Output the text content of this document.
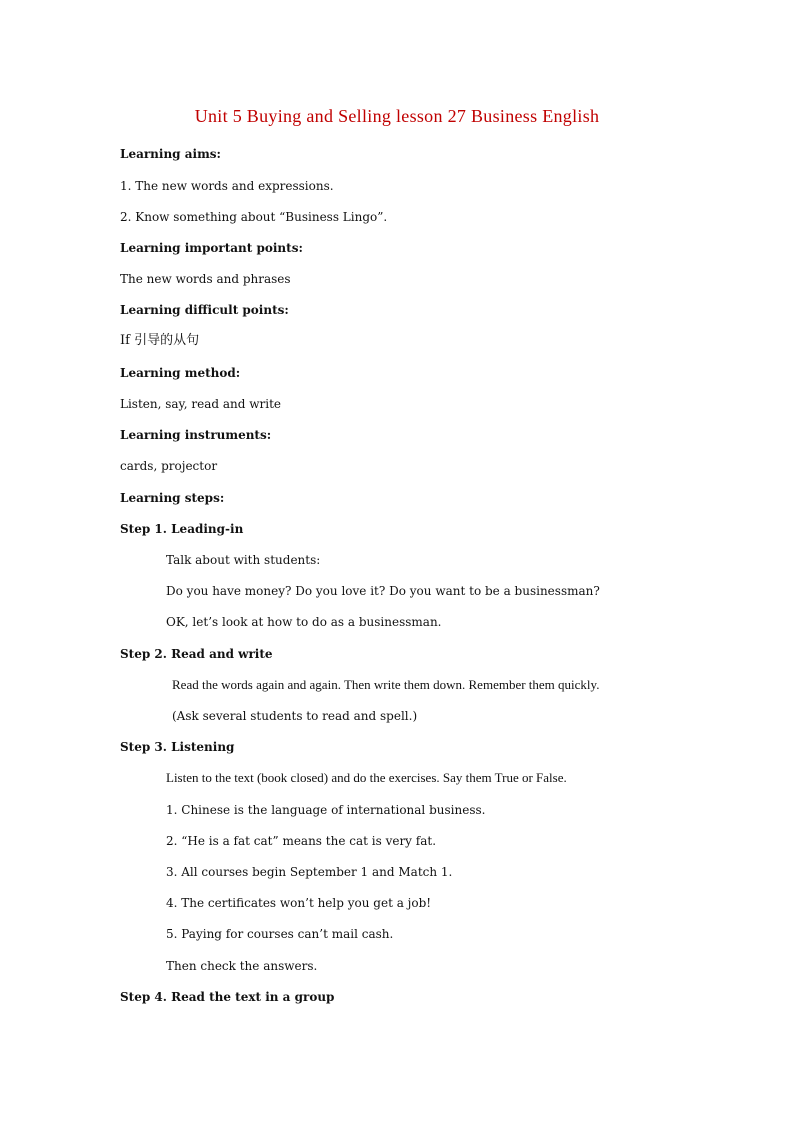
Unit 5 Buying and Selling lesson 27 Business English
Learning aims:
1. The new words and expressions.
2. Know something about “Business Lingo”.
Learning important points:
The new words and phrases
Learning difficult points:
If 引导的从句
Learning method:
Listen, say, read and write
Learning instruments:
cards, projector
Learning steps:
Step 1. Leading-in
Talk about with students:
Do you have money? Do you love it? Do you want to be a businessman?
OK, let’s look at how to do as a businessman.
Step 2. Read and write
Read the words again and again. Then write them down. Remember them quickly.
(Ask several students to read and spell.)
Step 3. Listening
Listen to the text (book closed) and do the exercises. Say them True or False.
1. Chinese is the language of international business.
2. “He is a fat cat” means the cat is very fat.
3. All courses begin September 1 and Match 1.
4. The certificates won’t help you get a job!
5. Paying for courses can’t mail cash.
Then check the answers.
Step 4. Read the text in a group
